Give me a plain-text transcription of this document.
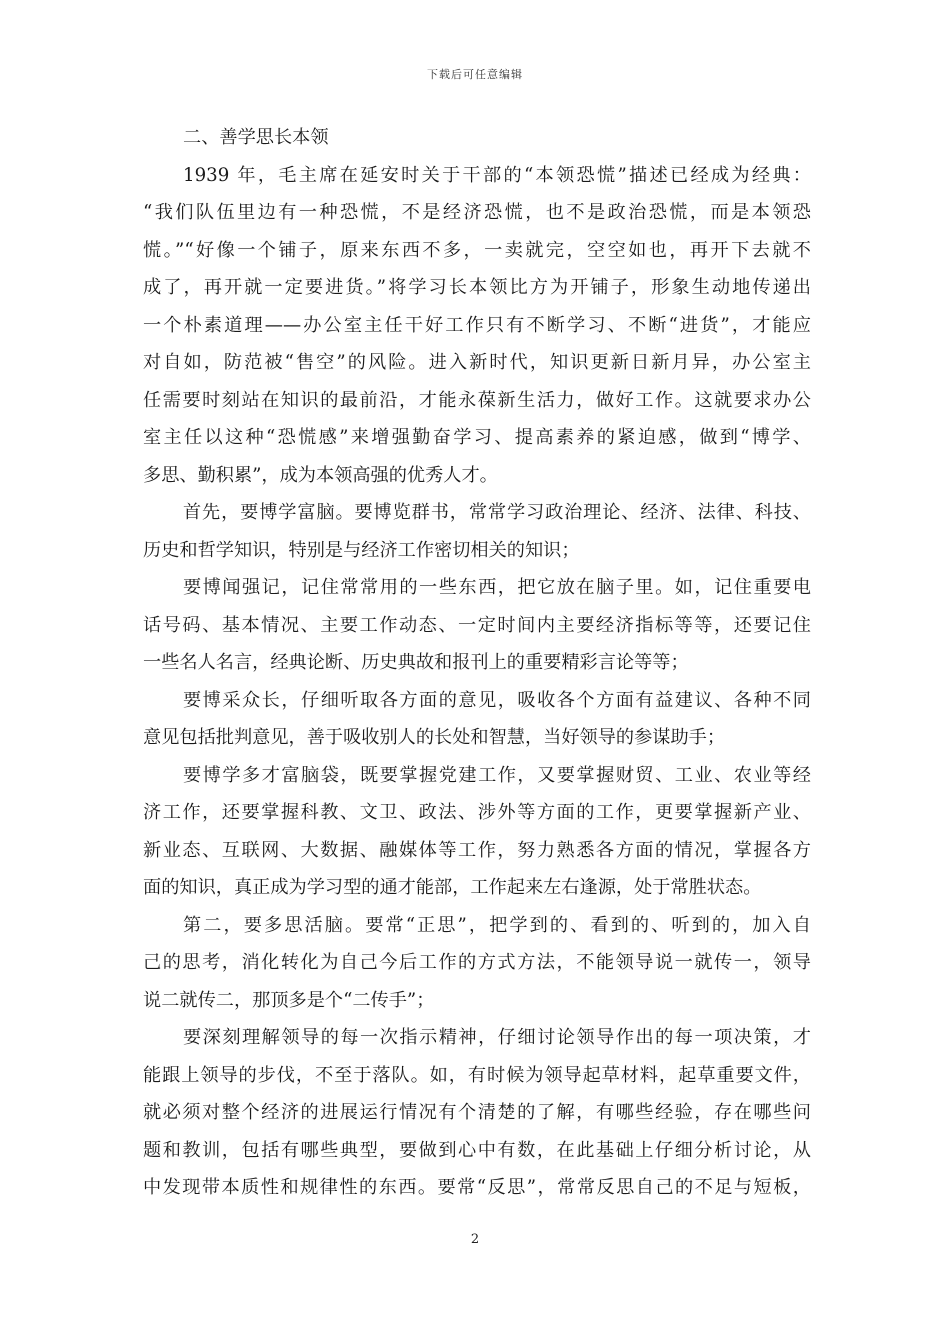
下载后可任意编辑
二、善学思长本领
1939 年，毛主席在延安时关于干部的“本领恐慌”描述已经成为经典：
“我们队伍里边有一种恐慌，不是经济恐慌，也不是政治恐慌，而是本领恐
慌。”“好像一个铺子，原来东西不多，一卖就完，空空如也，再开下去就不
成了，再开就一定要进货。”将学习长本领比方为开铺子，形象生动地传递出
一个朴素道理——办公室主任干好工作只有不断学习、不断“进货”，才能应
对自如，防范被“售空”的风险。进入新时代，知识更新日新月异，办公室主
任需要时刻站在知识的最前沿，才能永葆新生活力，做好工作。这就要求办公
室主任以这种“恐慌感”来增强勤奋学习、提高素养的紧迫感，做到“博学、
多思、勤积累”，成为本领高强的优秀人才。
首先，要博学富脑。要博览群书，常常学习政治理论、经济、法律、科技、
历史和哲学知识，特别是与经济工作密切相关的知识；
要博闻强记，记住常常用的一些东西，把它放在脑子里。如，记住重要电
话号码、基本情况、主要工作动态、一定时间内主要经济指标等等，还要记住
一些名人名言，经典论断、历史典故和报刊上的重要精彩言论等等；
要博采众长，仔细听取各方面的意见，吸收各个方面有益建议、各种不同
意见包括批判意见，善于吸收别人的长处和智慧，当好领导的参谋助手；
要博学多才富脑袋，既要掌握党建工作，又要掌握财贸、工业、农业等经
济工作，还要掌握科教、文卫、政法、涉外等方面的工作，更要掌握新产业、
新业态、互联网、大数据、融媒体等工作，努力熟悉各方面的情况，掌握各方
面的知识，真正成为学习型的通才能部，工作起来左右逢源，处于常胜状态。
第二，要多思活脑。要常“正思”，把学到的、看到的、听到的，加入自
己的思考，消化转化为自己今后工作的方式方法，不能领导说一就传一，领导
说二就传二，那顶多是个“二传手”；
要深刻理解领导的每一次指示精神，仔细讨论领导作出的每一项决策，才
能跟上领导的步伐，不至于落队。如，有时候为领导起草材料，起草重要文件，
就必须对整个经济的进展运行情况有个清楚的了解，有哪些经验，存在哪些问
题和教训，包括有哪些典型，要做到心中有数，在此基础上仔细分析讨论，从
中发现带本质性和规律性的东西。要常“反思”，常常反思自己的不足与短板，
2
